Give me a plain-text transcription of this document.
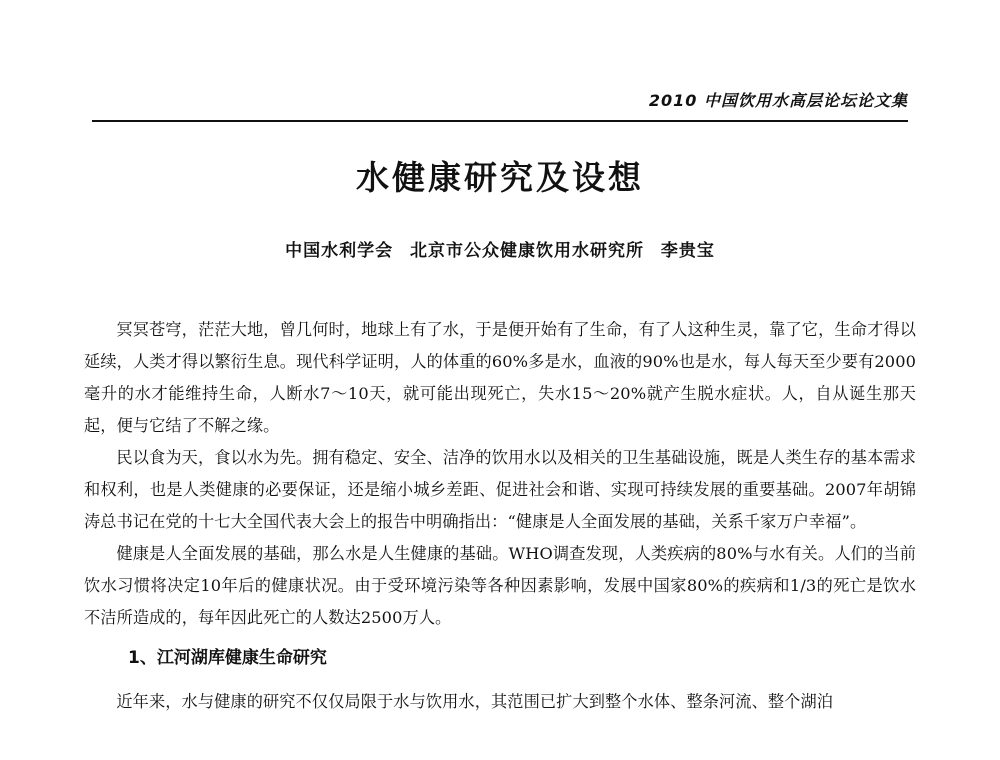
2010 中国饮用水高层论坛论文集
水健康研究及设想
中国水利学会 北京市公众健康饮用水研究所 李贵宝

冥冥苍穹，茫茫大地，曾几何时，地球上有了水，于是便开始有了生命，有了人这种生灵，靠了它，生命才得以延续，人类才得以繁衍生息。现代科学证明，人的体重的60%多是水，血液的90%也是水，每人每天至少要有2000毫升的水才能维持生命，人断水7～10天，就可能出现死亡，失水15～20%就产生脱水症状。人，自从诞生那天起，便与它结了不解之缘。

民以食为天，食以水为先。拥有稳定、安全、洁净的饮用水以及相关的卫生基础设施，既是人类生存的基本需求和权利，也是人类健康的必要保证，还是缩小城乡差距、促进社会和谐、实现可持续发展的重要基础。2007年胡锦涛总书记在党的十七大全国代表大会上的报告中明确指出：“健康是人全面发展的基础，关系千家万户幸福”。

健康是人全面发展的基础，那么水是人生健康的基础。WHO调查发现，人类疾病的80%与水有关。人们的当前饮水习惯将决定10年后的健康状况。由于受环境污染等各种因素影响，发展中国家80%的疾病和1/3的死亡是饮水不洁所造成的，每年因此死亡的人数达2500万人。

1、江河湖库健康生命研究

近年来，水与健康的研究不仅仅局限于水与饮用水，其范围已扩大到整个水体、整条河流、整个湖泊
